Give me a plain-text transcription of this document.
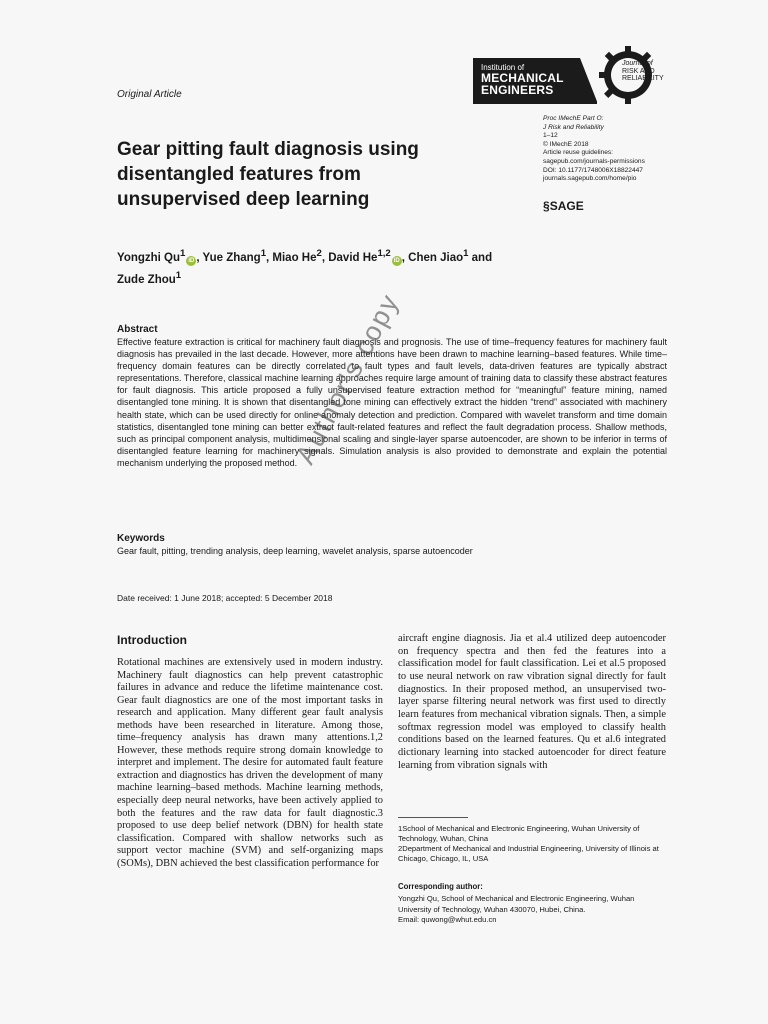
Original Article
Institution of
MECHANICAL
ENGINEERS
Journal of
RISK AND
RELIABILITY
Proc IMechE Part O:
J Risk and Reliability
1–12
© IMechE 2018
Article reuse guidelines:
sagepub.com/journals-permissions
DOI: 10.1177/1748006X18822447
journals.sagepub.com/home/pio
§SAGE
Gear pitting fault diagnosis using
disentangled features from
unsupervised deep learning
Yongzhi Qu$^1$iD , Yue Zhang$^1$, Miao He$^2$, David He$^{1,2}$iD , Chen Jiao$^1$ and
Zude Zhou$^1$
Abstract
Effective feature extraction is critical for machinery fault diagnosis and prognosis. The use of time–frequency features for machinery fault diagnosis has prevailed in the last decade. However, more attentions have been drawn to machine learning–based features. While time–frequency domain features can be directly correlated to fault types and fault levels, data-driven features are typically abstract representations. Therefore, classical machine learning approaches require large amount of training data to classify these abstract features for fault diagnosis. This article proposed a fully unsupervised feature extraction method for “meaningful” feature mining, named disentangled tone mining. It is shown that disentangled tone mining can effectively extract the hidden “trend” associated with machinery health state, which can be used directly for online anomaly detection and prediction. Compared with wavelet transform and time domain statistics, disentangled tone mining can better extract fault-related features and reflect the fault degradation process. Shallow methods, such as principal component analysis, multidimensional scaling and single-layer sparse autoencoder, are shown to be inferior in terms of disentangled feature learning for machinery signals. Simulation analysis is also provided to demonstrate and explain the potential mechanism underlying the proposed method.
Keywords
Gear fault, pitting, trending analysis, deep learning, wavelet analysis, sparse autoencoder
Date received: 1 June 2018; accepted: 5 December 2018
Introduction

Rotational machines are extensively used in modern industry. Machinery fault diagnostics can help prevent catastrophic failures in advance and reduce the lifetime maintenance cost. Gear fault diagnostics are one of the most important tasks in research and application. Many different gear fault analysis methods have been researched in literature. Among those, time–frequency analysis has drawn many attentions.1,2 However, these methods require strong domain knowledge to interpret and implement. The desire for automated fault feature extraction and diagnostics has driven the development of many machine learning–based methods. Machine learning methods, especially deep neural networks, have been actively applied to both the features and the raw data for fault diagnostic.3 proposed to use deep belief network (DBN) for health state classification. Compared with shallow networks such as support vector machine (SVM) and self-organizing maps (SOMs), DBN achieved the best classification performance for

aircraft engine diagnosis. Jia et al.4 utilized deep autoencoder on frequency spectra and then fed the features into a classification model for fault classification. Lei et al.5 proposed to use neural network on raw vibration signal directly for fault diagnostics. In their proposed method, an unsupervised two-layer sparse filtering neural network was first used to directly learn features from mechanical vibration signals. Then, a simple softmax regression model was employed to classify health conditions based on the learned features. Qu et al.6 integrated dictionary learning into stacked autoencoder for direct feature learning from vibration signals with

1School of Mechanical and Electronic Engineering, Wuhan University of Technology, Wuhan, China
2Department of Mechanical and Industrial Engineering, University of Illinois at Chicago, Chicago, IL, USA
Corresponding author:
Yongzhi Qu, School of Mechanical and Electronic Engineering, Wuhan University of Technology, Wuhan 430070, Hubei, China.
Email: quwong@whut.edu.cn
Author's copy
